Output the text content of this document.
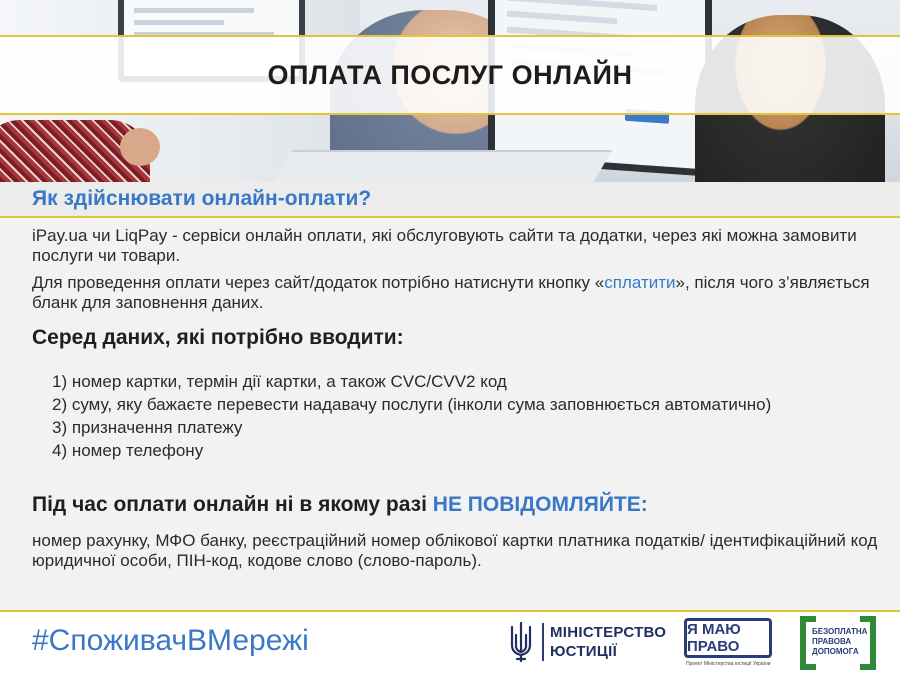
ОПЛАТА ПОСЛУГ ОНЛАЙН
Як здійснювати онлайн-оплати?

iPay.ua чи LiqPay - сервіси онлайн оплати, які обслуговують сайти та додатки, через які можна замовити послуги чи товари.

Для проведення оплати через сайт/додаток потрібно натиснути кнопку «сплатити», після чого з’являється бланк для заповнення даних.

Серед даних, які потрібно вводити:
1) номер картки, термін дії картки, а також CVC/CVV2 код
2) суму, яку бажаєте перевести надавачу послуги (інколи сума заповнюється автоматично)
3) призначення платежу
4) номер телефону
Під час оплати онлайн ні в якому разі НЕ ПОВІДОМЛЯЙТЕ:

номер рахунку, МФО банку, реєстраційний номер облікової картки платника податків/ ідентифікаційний код юридичної особи, ПІН-код, кодове слово (слово-пароль).

#СпоживачВМережі	МІНІСТЕРСТВО
ЮСТИЦІЇ
Я МАЮ ПРАВО
Проект Міністерства юстиції України
БЕЗОПЛАТНА
ПРАВОВА
ДОПОМОГА
